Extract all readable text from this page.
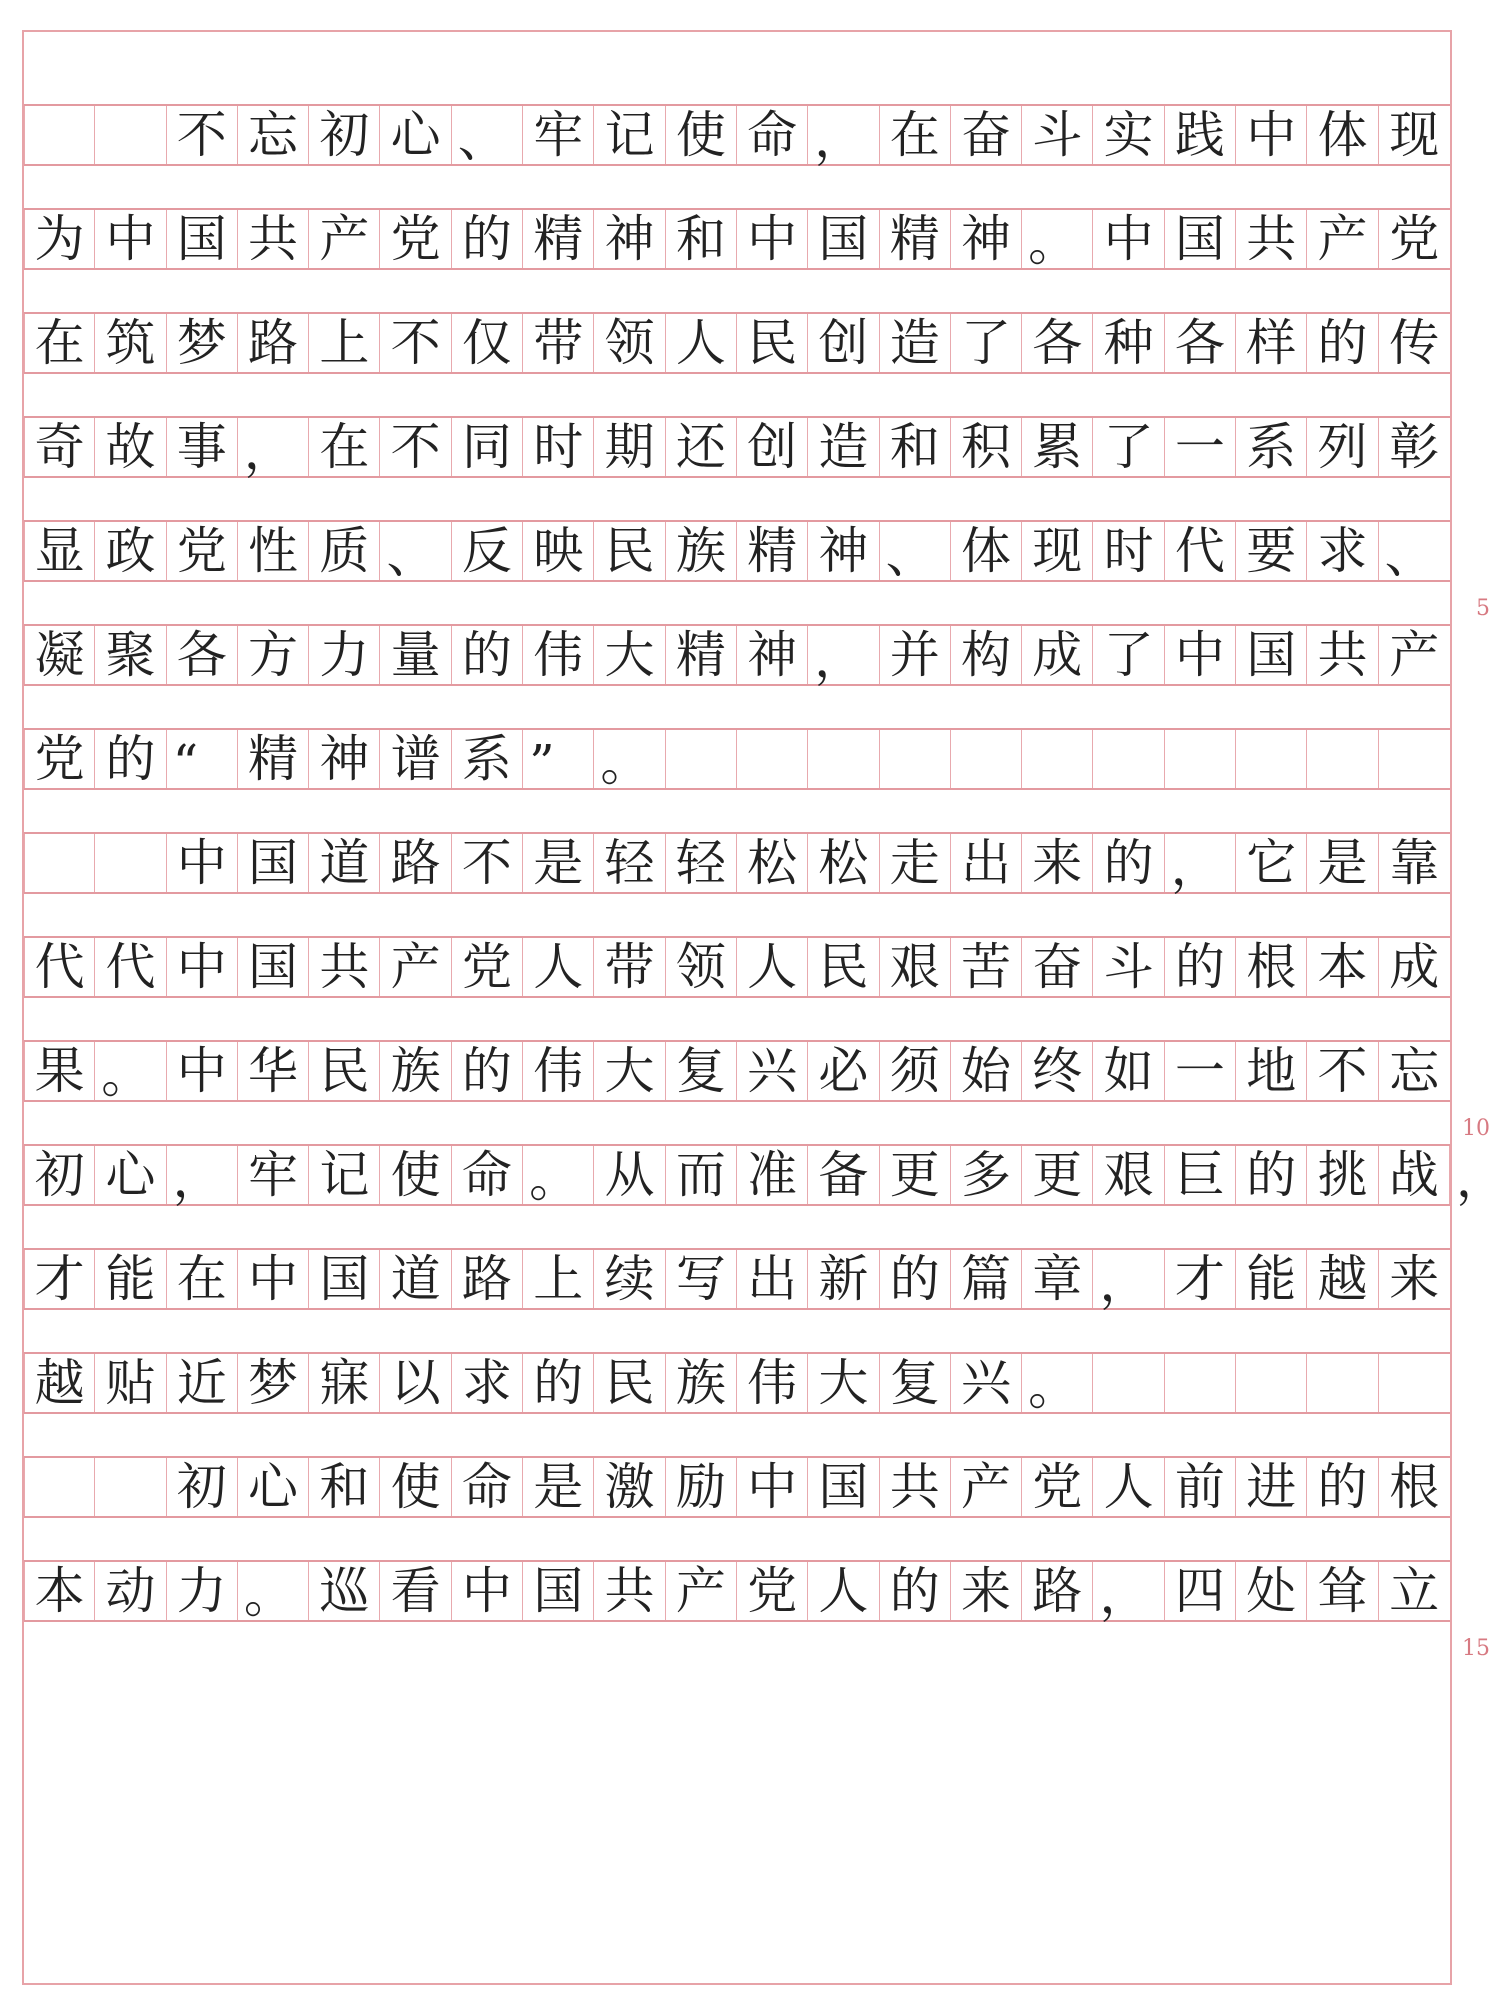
不 忘 初 心 、 牢 记 使 命 ， 在 奋 斗 实 践 中 体 现
为 中 国 共 产 党 的 精 神 和 中 国 精 神 。 中 国 共 产 党
在 筑 梦 路 上 不 仅 带 领 人 民 创 造 了 各 种 各 样 的 传
奇 故 事 ， 在 不 同 时 期 还 创 造 和 积 累 了 一 系 列 彰
显 政 党 性 质 、 反 映 民 族 精 神 、 体 现 时 代 要 求 、
凝 聚 各 方 力 量 的 伟 大 精 神 ， 并 构 成 了 中 国 共 产
党 的 “ 精 神 谱 系 ” 。
中 国 道 路 不 是 轻 轻 松 松 走 出 来 的 ， 它 是 靠
代 代 中 国 共 产 党 人 带 领 人 民 艰 苦 奋 斗 的 根 本 成
果 。 中 华 民 族 的 伟 大 复 兴 必 须 始 终 如 一 地 不 忘
初 心 ， 牢 记 使 命 。 从 而 准 备 更 多 更 艰 巨 的 挑 战 ，
才 能 在 中 国 道 路 上 续 写 出 新 的 篇 章 ， 才 能 越 来
越 贴 近 梦 寐 以 求 的 民 族 伟 大 复 兴 。
初 心 和 使 命 是 激 励 中 国 共 产 党 人 前 进 的 根
本 动 力 。 巡 看 中 国 共 产 党 人 的 来 路 ， 四 处 耸 立
5
10
15
